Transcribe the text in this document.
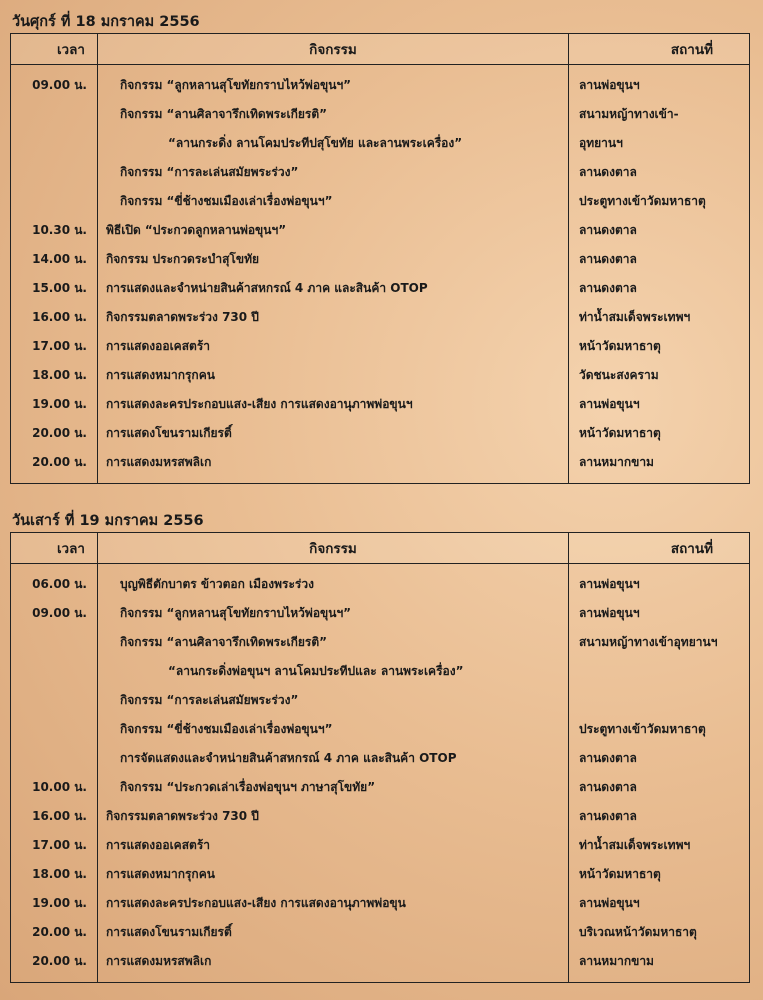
วันศุกร์ ที่ 18 มกราคม 2556
เวลา	กิจกรรม	สถานที่
09.00 น.	กิจกรรม “ลูกหลานสุโขทัยกราบไหว้พ่อขุนฯ”	ลานพ่อขุนฯ
	กิจกรรม “ลานศิลาจารึกเทิดพระเกียรติ”	สนามหญ้าทางเข้า-
	“ลานกระดิ่ง ลานโคมประทีปสุโขทัย และลานพระเครื่อง”	อุทยานฯ
	กิจกรรม “การละเล่นสมัยพระร่วง”	ลานดงตาล
	กิจกรรม “ขี่ช้างชมเมืองเล่าเรื่องพ่อขุนฯ”	ประตูทางเข้าวัดมหาธาตุ
10.30 น.	พิธีเปิด “ประกวดลูกหลานพ่อขุนฯ”	ลานดงตาล
14.00 น.	กิจกรรม ประกวดระบำสุโขทัย	ลานดงตาล
15.00 น.	การแสดงและจำหน่ายสินค้าสหกรณ์ 4 ภาค และสินค้า OTOP	ลานดงตาล
16.00 น.	กิจกรรมตลาดพระร่วง 730 ปี	ท่าน้ำสมเด็จพระเทพฯ
17.00 น.	การแสดงออเคสตร้า	หน้าวัดมหาธาตุ
18.00 น.	การแสดงหมากรุกคน	วัดชนะสงคราม
19.00 น.	การแสดงละครประกอบแสง-เสียง การแสดงอานุภาพพ่อขุนฯ	ลานพ่อขุนฯ
20.00 น.	การแสดงโขนรามเกียรติ์	หน้าวัดมหาธาตุ
20.00 น.	การแสดงมหรสพลิเก	ลานหมากขาม
วันเสาร์ ที่ 19 มกราคม 2556
เวลา	กิจกรรม	สถานที่
06.00 น.	บุญพิธีตักบาตร ข้าวตอก เมืองพระร่วง	ลานพ่อขุนฯ
09.00 น.	กิจกรรม “ลูกหลานสุโขทัยกราบไหว้พ่อขุนฯ”	ลานพ่อขุนฯ
	กิจกรรม “ลานศิลาจารึกเทิดพระเกียรติ”	สนามหญ้าทางเข้าอุทยานฯ
	“ลานกระดิ่งพ่อขุนฯ ลานโคมประทีปและ ลานพระเครื่อง”	
	กิจกรรม “การละเล่นสมัยพระร่วง”	
	กิจกรรม “ขี่ช้างชมเมืองเล่าเรื่องพ่อขุนฯ”	ประตูทางเข้าวัดมหาธาตุ
	การจัดแสดงและจำหน่ายสินค้าสหกรณ์ 4 ภาค และสินค้า OTOP	ลานดงตาล
10.00 น.	กิจกรรม “ประกวดเล่าเรื่องพ่อขุนฯ ภาษาสุโขทัย”	ลานดงตาล
16.00 น.	กิจกรรมตลาดพระร่วง 730 ปี	ลานดงตาล
17.00 น.	การแสดงออเคสตร้า	ท่าน้ำสมเด็จพระเทพฯ
18.00 น.	การแสดงหมากรุกคน	หน้าวัดมหาธาตุ
19.00 น.	การแสดงละครประกอบแสง-เสียง การแสดงอานุภาพพ่อขุน	ลานพ่อขุนฯ
20.00 น.	การแสดงโขนรามเกียรติ์	บริเวณหน้าวัดมหาธาตุ
20.00 น.	การแสดงมหรสพลิเก	ลานหมากขาม
